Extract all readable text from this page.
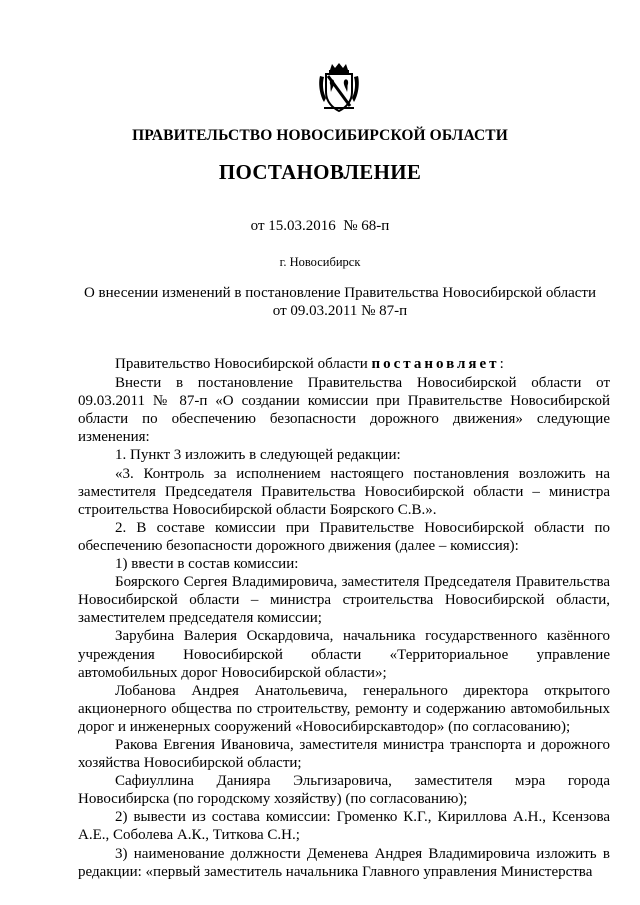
ПРАВИТЕЛЬСТВО НОВОСИБИРСКОЙ ОБЛАСТИ
ПОСТАНОВЛЕНИЕ
от 15.03.2016  № 68-п
г. Новосибирск
О внесении изменений в постановление Правительства Новосибирской области
от 09.03.2011 № 87-п

Правительство Новосибирской области постановляет:

Внести в постановление Правительства Новосибирской области от 09.03.2011 № 87-п «О создании комиссии при Правительстве Новосибирской области по обеспечению безопасности дорожного движения» следующие изменения:

1. Пункт 3 изложить в следующей редакции:

«3. Контроль за исполнением настоящего постановления возложить на заместителя Председателя Правительства Новосибирской области – министра строительства Новосибирской области Боярского С.В.».

2. В составе комиссии при Правительстве Новосибирской области по обеспечению безопасности дорожного движения (далее – комиссия):

1) ввести в состав комиссии:

Боярского Сергея Владимировича, заместителя Председателя Правительства Новосибирской области – министра строительства Новосибирской области, заместителем председателя комиссии;

Зарубина Валерия Оскардовича, начальника государственного казённого учреждения Новосибирской области «Территориальное управление автомобильных дорог Новосибирской области»;

Лобанова Андрея Анатольевича, генерального директора открытого акционерного общества по строительству, ремонту и содержанию автомобильных дорог и инженерных сооружений «Новосибирскавтодор» (по согласованию);

Ракова Евгения Ивановича, заместителя министра транспорта и дорожного хозяйства Новосибирской области;

Сафиуллина Данияра Эльгизаровича, заместителя мэра города Новосибирска (по городскому хозяйству) (по согласованию);

2) вывести из состава комиссии: Громенко К.Г., Кириллова А.Н., Ксензова А.Е., Соболева А.К., Титкова С.Н.;

3) наименование должности Деменева Андрея Владимировича изложить в редакции: «первый заместитель начальника Главного управления Министерства
